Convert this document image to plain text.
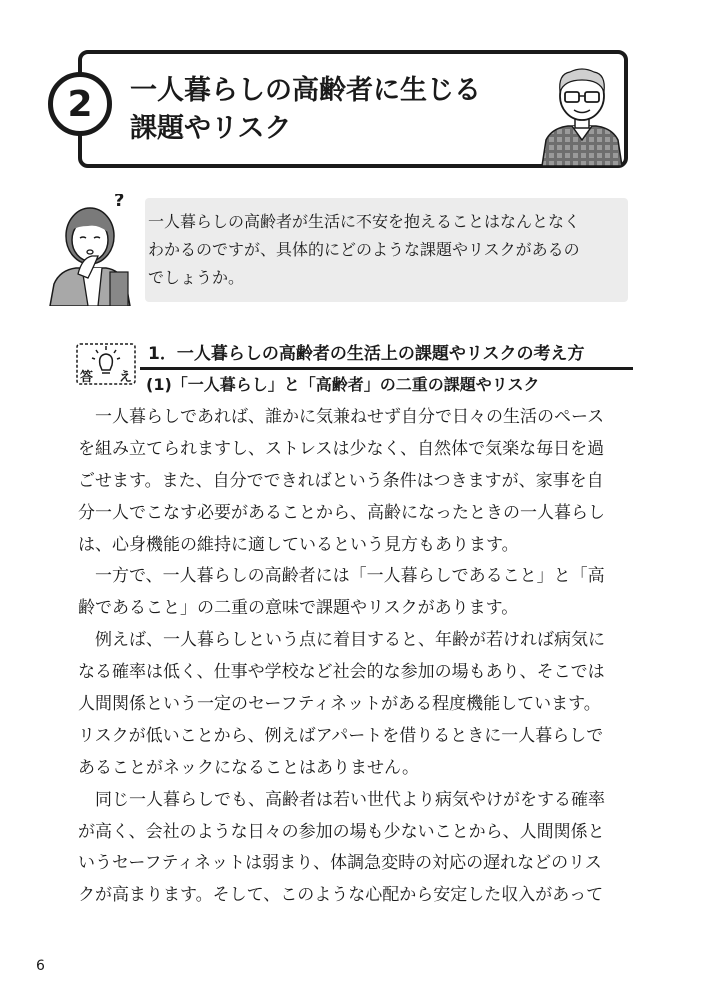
2 一人暮らしの高齢者に生じる
課題やリスク
?
一人暮らしの高齢者が生活に不安を抱えることはなんとなく
わかるのですが、具体的にどのような課題やリスクがあるの
でしょうか。
答え
1．一人暮らしの高齢者の生活上の課題やリスクの考え方
(1)「一人暮らし」と「高齢者」の二重の課題やリスク
　一人暮らしであれば、誰かに気兼ねせず自分で日々の生活のペース
を組み立てられますし、ストレスは少なく、自然体で気楽な毎日を過
ごせます。また、自分でできればという条件はつきますが、家事を自
分一人でこなす必要があることから、高齢になったときの一人暮らし
は、心身機能の維持に適しているという見方もあります。
　一方で、一人暮らしの高齢者には「一人暮らしであること」と「高
齢であること」の二重の意味で課題やリスクがあります。
　例えば、一人暮らしという点に着目すると、年齢が若ければ病気に
なる確率は低く、仕事や学校など社会的な参加の場もあり、そこでは
人間関係という一定のセーフティネットがある程度機能しています。
リスクが低いことから、例えばアパートを借りるときに一人暮らしで
あることがネックになることはありません。
　同じ一人暮らしでも、高齢者は若い世代より病気やけがをする確率
が高く、会社のような日々の参加の場も少ないことから、人間関係と
いうセーフティネットは弱まり、体調急変時の対応の遅れなどのリス
クが高まります。そして、このような心配から安定した収入があって
6
